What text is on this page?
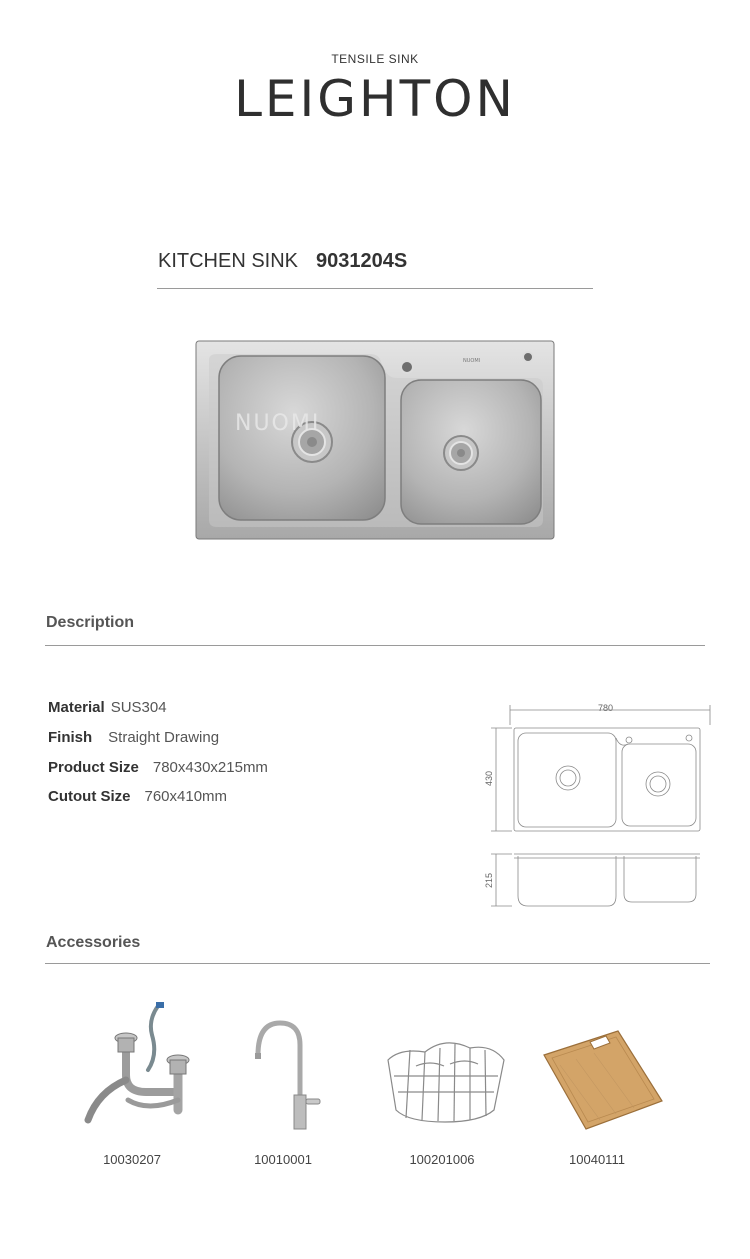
TENSILE SINK
LEIGHTON
KITCHEN SINK 9031204S
NUOMI
NUOMI
Description
Material SUS304
Finish Straight Drawing
Product Size 780x430x215mm
Cutout Size 760x410mm
780
430
215
Accessories
10030207	10010001	100201006	10040111
